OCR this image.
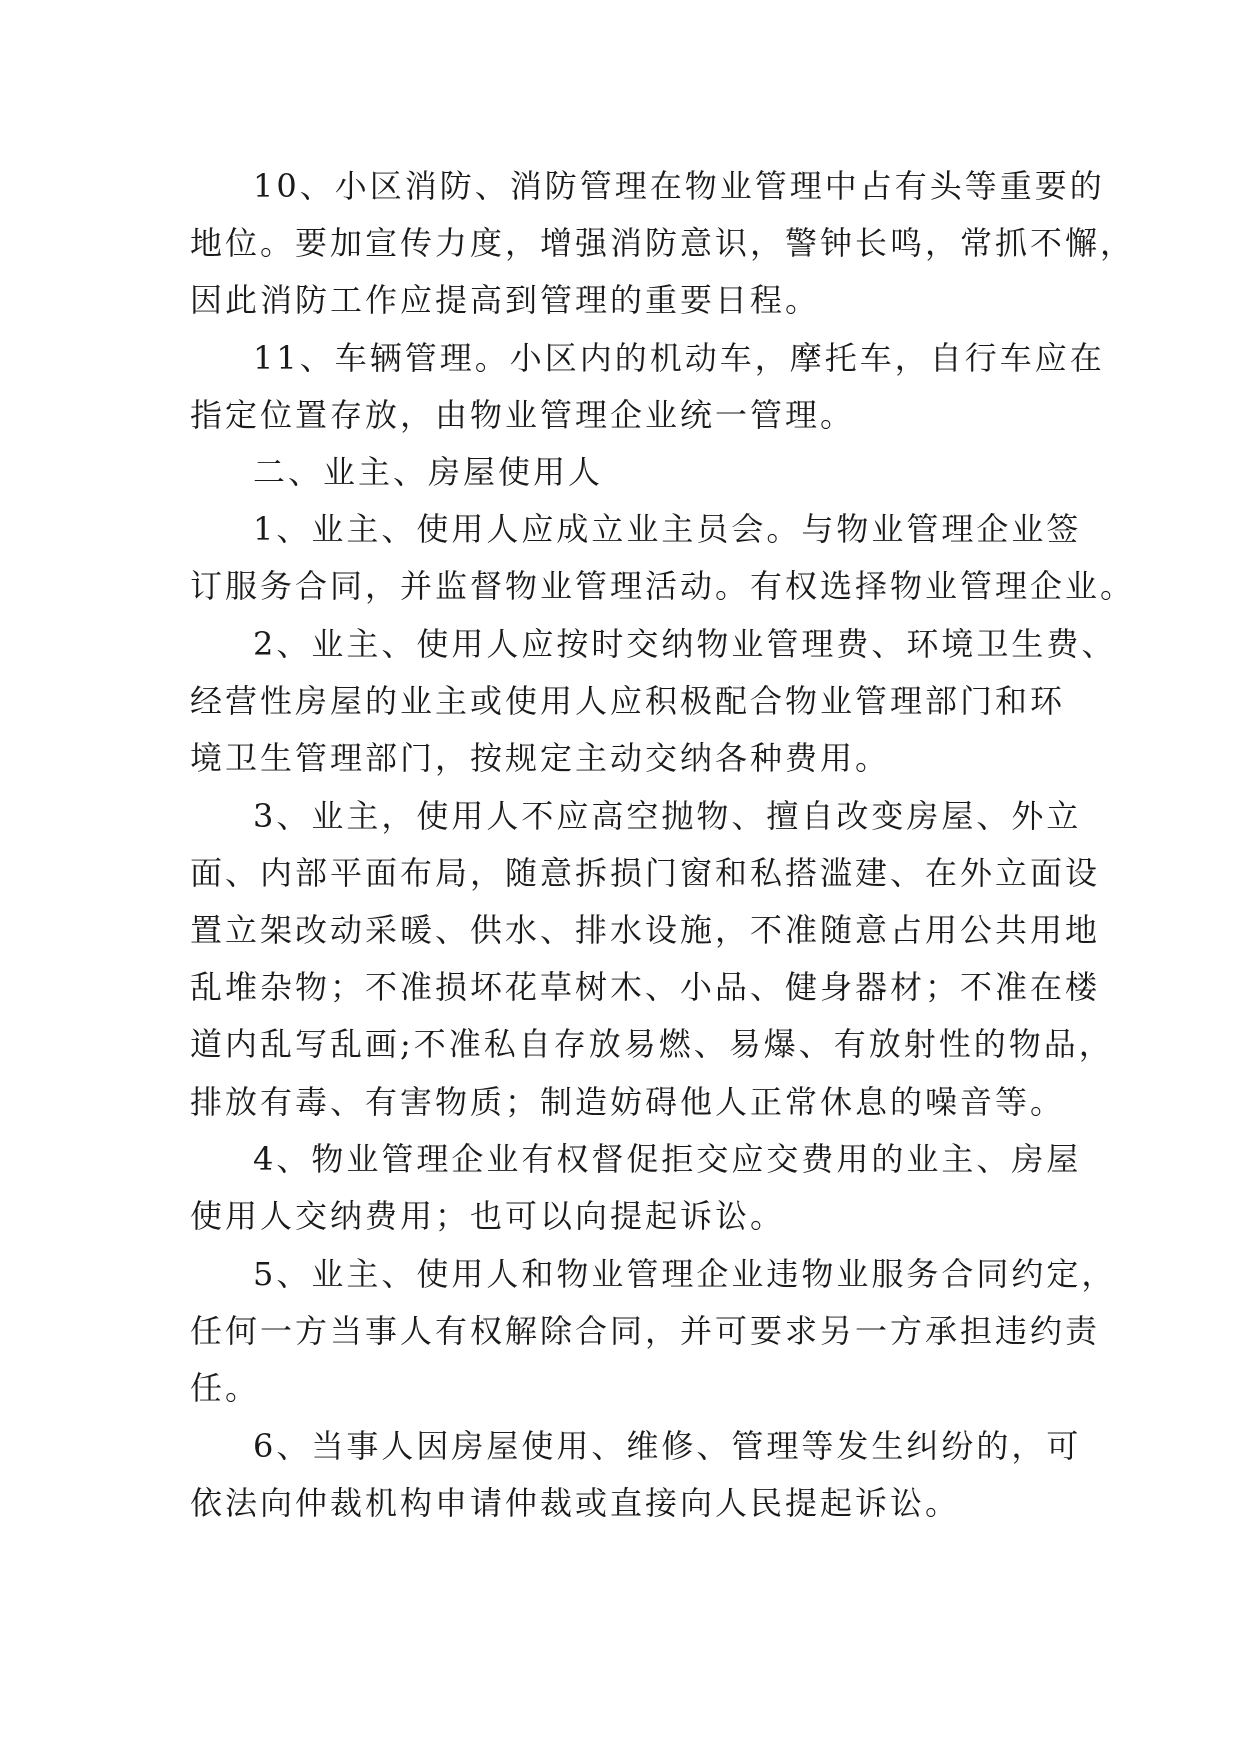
10、小区消防、消防管理在物业管理中占有头等重要的
地位。要加宣传力度，增强消防意识，警钟长鸣，常抓不懈，
因此消防工作应提高到管理的重要日程。
11、车辆管理。小区内的机动车，摩托车，自行车应在
指定位置存放，由物业管理企业统一管理。
二、业主、房屋使用人
1、业主、使用人应成立业主员会。与物业管理企业签
订服务合同，并监督物业管理活动。有权选择物业管理企业。
2、业主、使用人应按时交纳物业管理费、环境卫生费、
经营性房屋的业主或使用人应积极配合物业管理部门和环
境卫生管理部门，按规定主动交纳各种费用。
3、业主，使用人不应高空抛物、擅自改变房屋、外立
面、内部平面布局，随意拆损门窗和私搭滥建、在外立面设
置立架改动采暖、供水、排水设施，不准随意占用公共用地
乱堆杂物；不准损坏花草树木、小品、健身器材；不准在楼
道内乱写乱画;不准私自存放易燃、易爆、有放射性的物品，
排放有毒、有害物质；制造妨碍他人正常休息的噪音等。
4、物业管理企业有权督促拒交应交费用的业主、房屋
使用人交纳费用；也可以向提起诉讼。
5、业主、使用人和物业管理企业违物业服务合同约定，
任何一方当事人有权解除合同，并可要求另一方承担违约责
任。
6、当事人因房屋使用、维修、管理等发生纠纷的，可
依法向仲裁机构申请仲裁或直接向人民提起诉讼。
